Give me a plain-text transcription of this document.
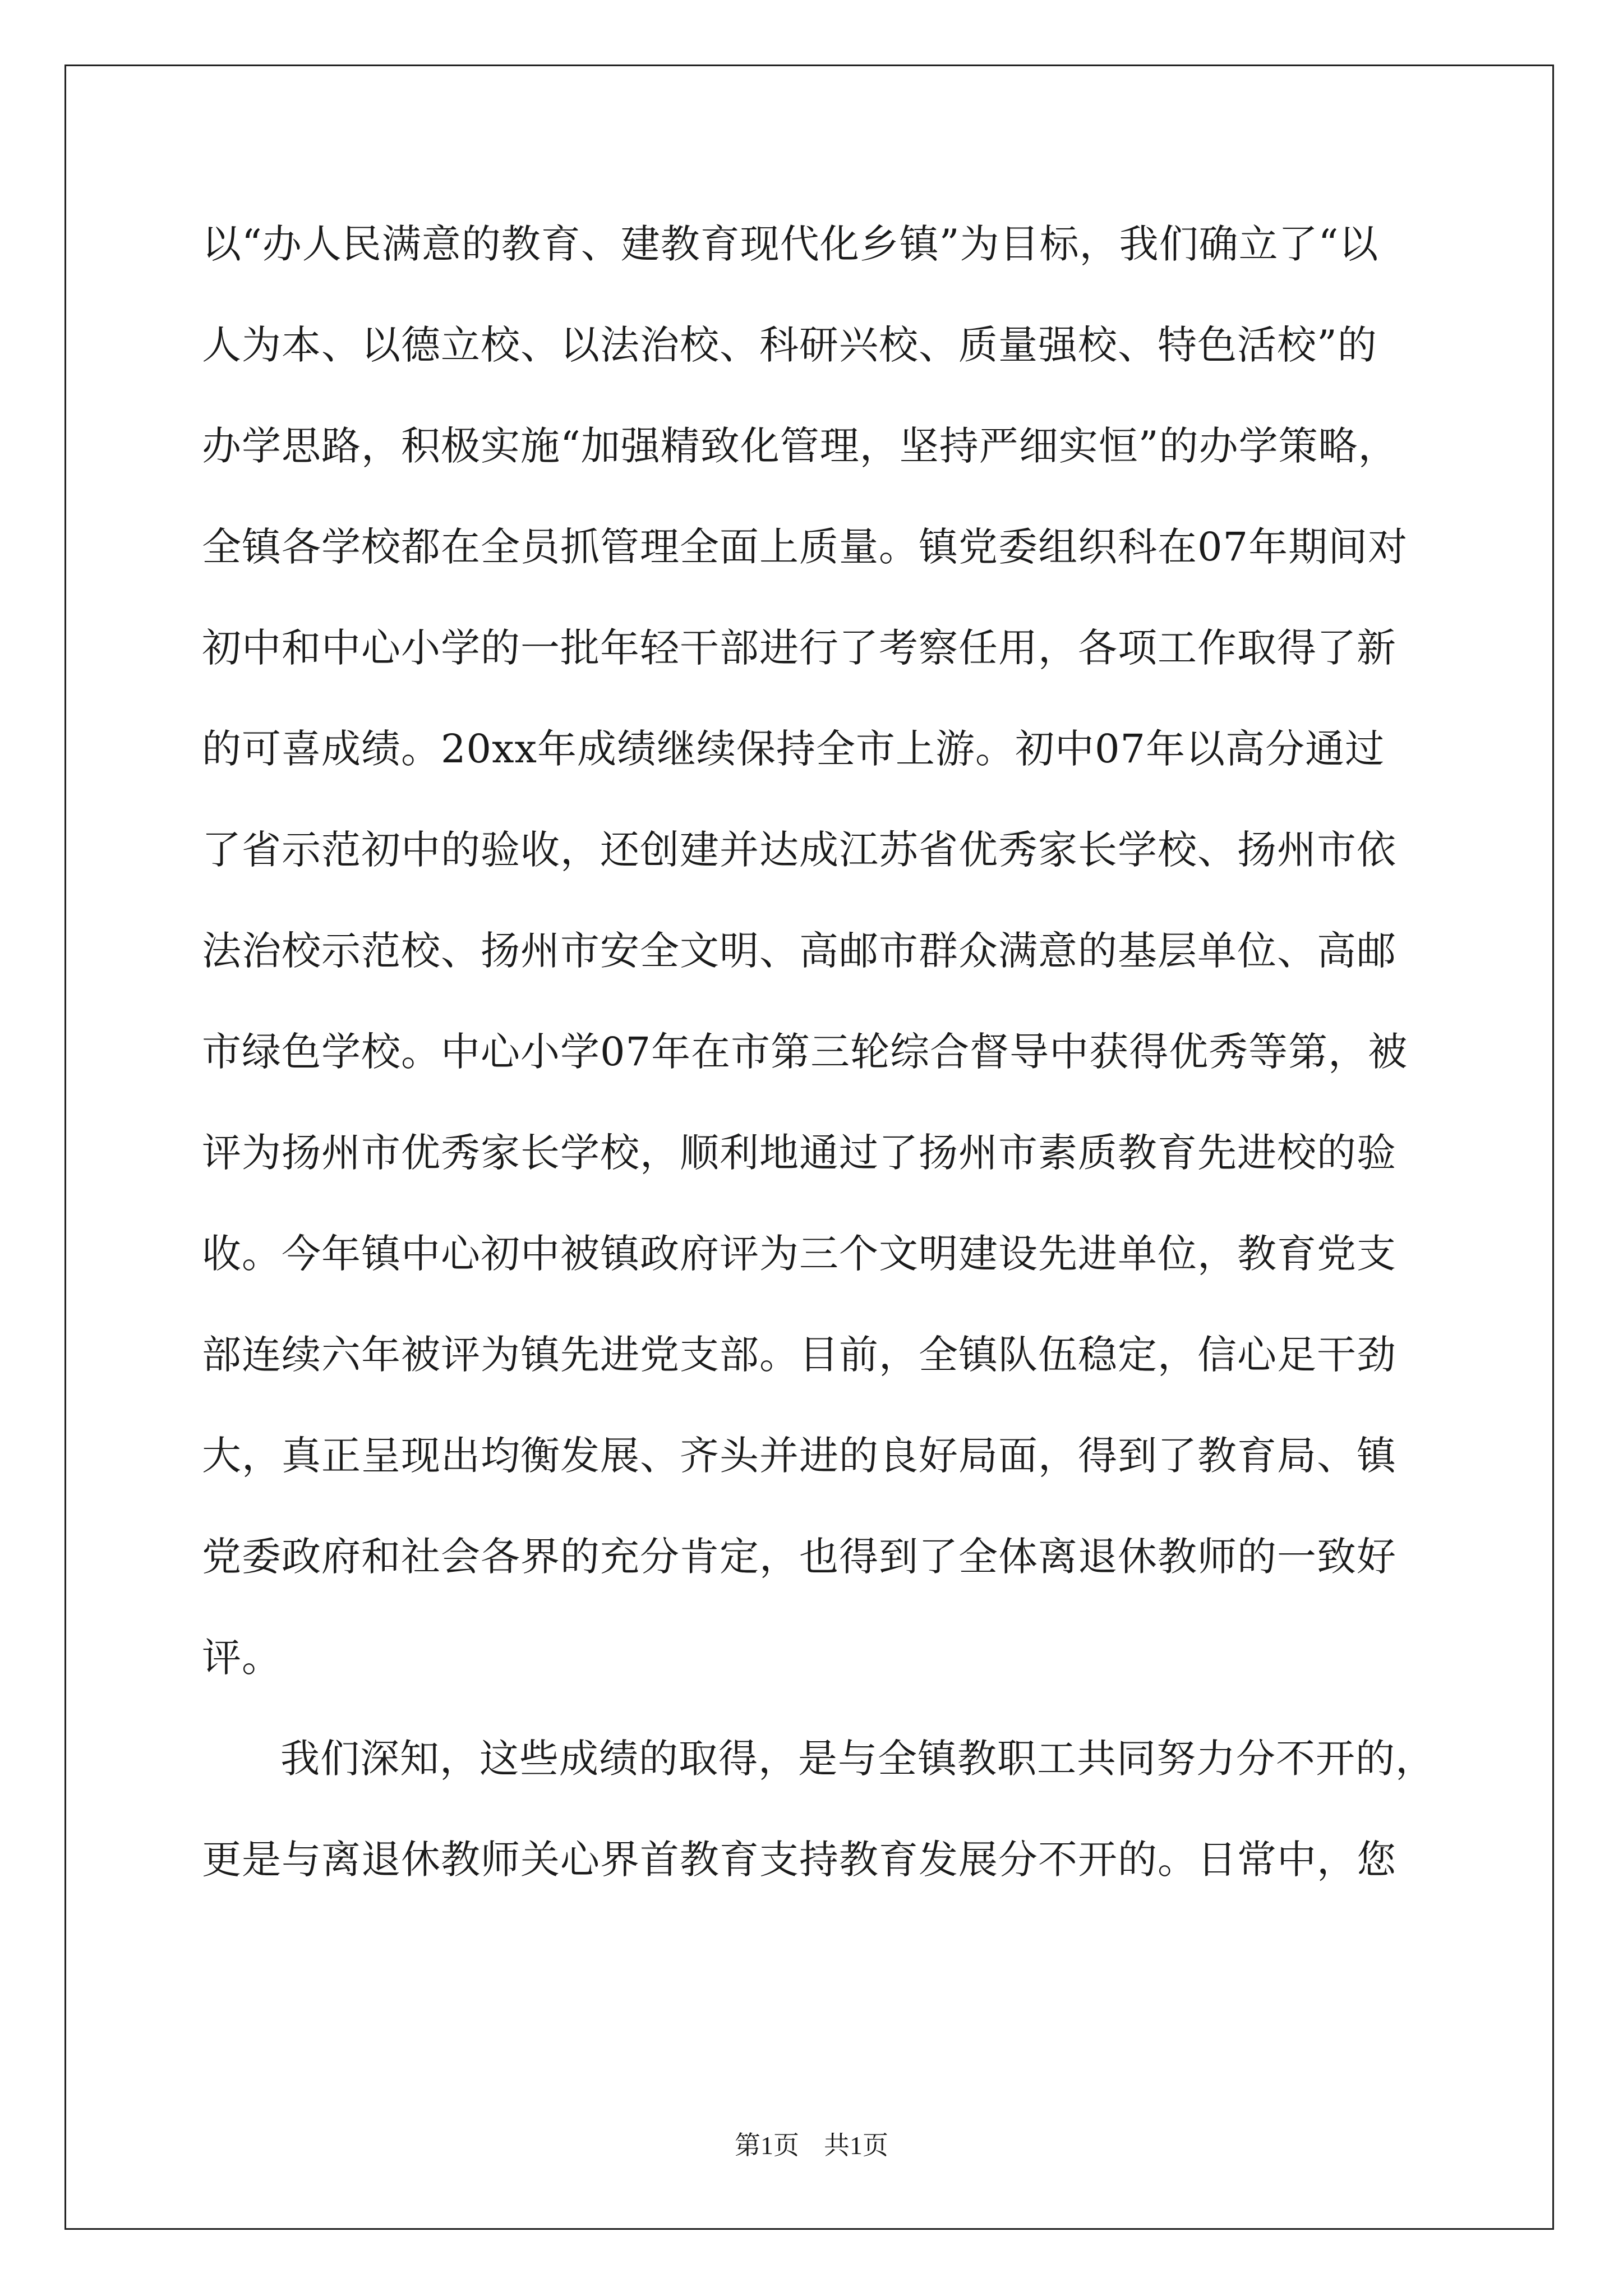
以“办人民满意的教育、建教育现代化乡镇”为目标，我们确立了“以
人为本、以德立校、以法治校、科研兴校、质量强校、特色活校”的
办学思路，积极实施“加强精致化管理，坚持严细实恒”的办学策略，
全镇各学校都在全员抓管理全面上质量。镇党委组织科在07年期间对
初中和中心小学的一批年轻干部进行了考察任用，各项工作取得了新
的可喜成绩。20xx年成绩继续保持全市上游。初中07年以高分通过
了省示范初中的验收，还创建并达成江苏省优秀家长学校、扬州市依
法治校示范校、扬州市安全文明、高邮市群众满意的基层单位、高邮
市绿色学校。中心小学07年在市第三轮综合督导中获得优秀等第，被
评为扬州市优秀家长学校，顺利地通过了扬州市素质教育先进校的验
收。今年镇中心初中被镇政府评为三个文明建设先进单位，教育党支
部连续六年被评为镇先进党支部。目前，全镇队伍稳定，信心足干劲
大，真正呈现出均衡发展、齐头并进的良好局面，得到了教育局、镇
党委政府和社会各界的充分肯定，也得到了全体离退休教师的一致好
评。
我们深知，这些成绩的取得，是与全镇教职工共同努力分不开的，
更是与离退休教师关心界首教育支持教育发展分不开的。日常中，您
第1页 共1页
